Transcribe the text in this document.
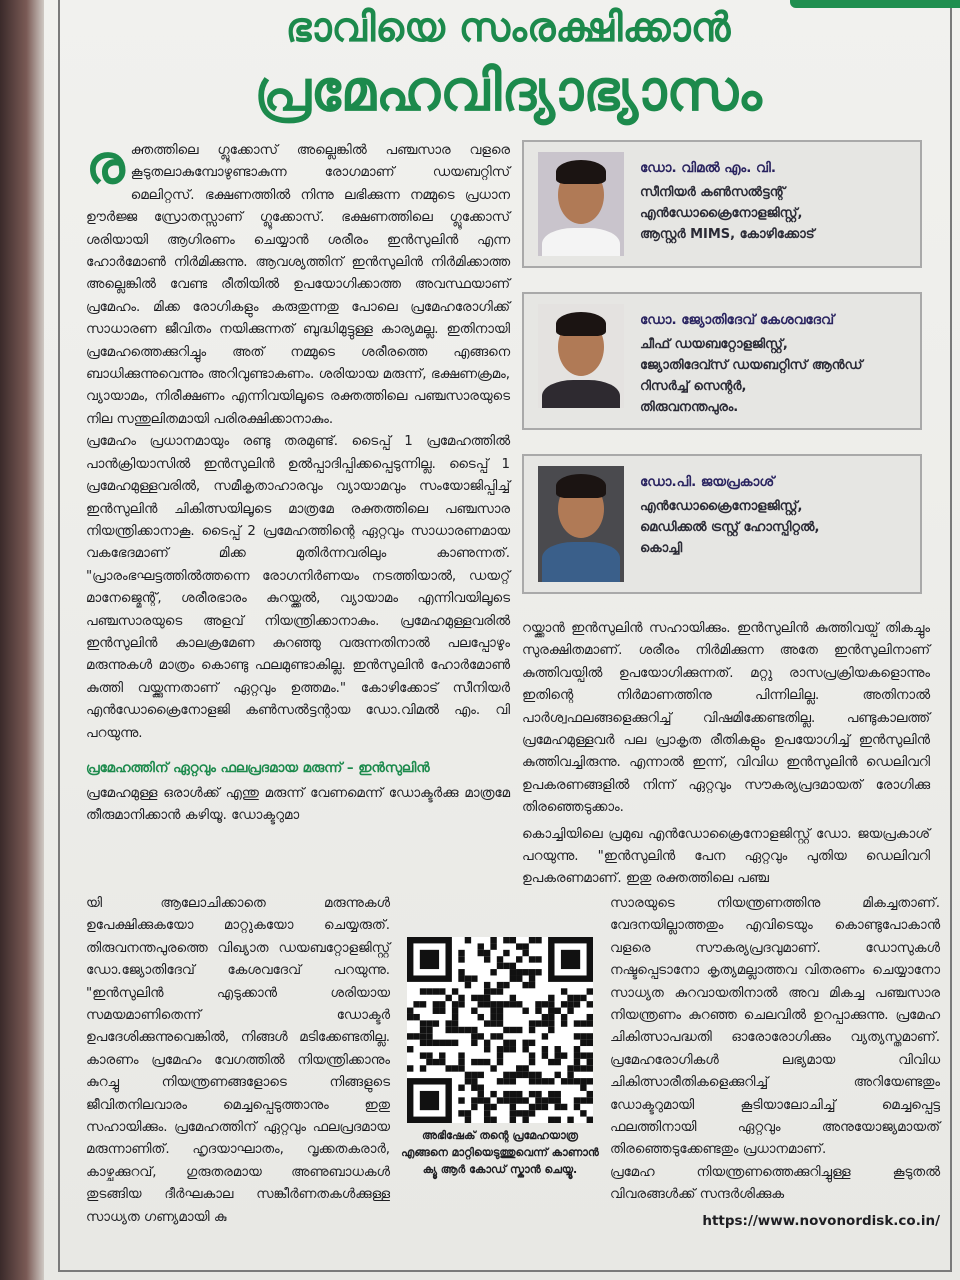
ഭാവിയെ സംരക്ഷിക്കാൻ
പ്രമേഹവിദ്യാഭ്യാസം

രക്തത്തിലെ ഗ്ലൂക്കോസ് അല്ലെങ്കിൽ പഞ്ചസാര വളരെ കൂടുതലാകുമ്പോഴുണ്ടാകുന്ന രോഗമാണ് ഡയബറ്റിസ് മെലിറ്റസ്. ഭക്ഷണത്തിൽ നിന്നു ലഭിക്കുന്ന നമ്മുടെ പ്രധാന ഊർജ്ജ സ്രോതസ്സാണ് ഗ്ലൂക്കോസ്. ഭക്ഷണത്തിലെ ഗ്ലൂക്കോസ് ശരിയായി ആഗിരണം ചെയ്യാൻ ശരീരം ഇൻസുലിൻ എന്ന ഹോർമോൺ നിർമിക്കുന്നു. ആവശ്യത്തിന് ഇൻസുലിൻ നിർമിക്കാത്ത അല്ലെങ്കിൽ വേണ്ട രീതിയിൽ ഉപയോഗിക്കാത്ത അവസ്ഥയാണ് പ്രമേഹം. മിക്ക രോഗികളും കരുതുന്നതു പോലെ പ്രമേഹരോഗിക്ക് സാധാരണ ജീവിതം നയിക്കുന്നത് ബുദ്ധിമുട്ടുള്ള കാര്യമല്ല. ഇതിനായി പ്രമേഹത്തെക്കുറിച്ചും അത് നമ്മുടെ ശരീരത്തെ എങ്ങനെ ബാധിക്കുന്നുവെന്നും അറിവുണ്ടാകണം. ശരിയായ മരുന്ന്, ഭക്ഷണക്രമം, വ്യായാമം, നിരീക്ഷണം എന്നിവയിലൂടെ രക്തത്തിലെ പഞ്ചസാരയുടെ നില സന്തുലിതമായി പരിരക്ഷിക്കാനാകും.

പ്രമേഹം പ്രധാനമായും രണ്ടു തരമുണ്ട്. ടൈപ്പ് 1 പ്രമേഹത്തിൽ പാൻക്രിയാസിൽ ഇൻസുലിൻ ഉൽപ്പാദിപ്പിക്കപ്പെടുന്നില്ല. ടൈപ്പ് 1 പ്രമേഹമുള്ളവരിൽ, സമീകൃതാഹാരവും വ്യായാമവും സംയോജിപ്പിച്ച് ഇൻസുലിൻ ചികിത്സയിലൂടെ മാത്രമേ രക്തത്തിലെ പഞ്ചസാര നിയന്ത്രിക്കാനാകൂ. ടൈപ്പ് 2 പ്രമേഹത്തിന്റെ ഏറ്റവും സാധാരണമായ വകഭേദമാണ് മിക്ക മുതിർന്നവരിലും കാണുന്നത്. "പ്രാരംഭഘട്ടത്തിൽത്തന്നെ രോഗനിർണയം നടത്തിയാൽ, ഡയറ്റ് മാനേജ്മെന്റ്, ശരീരഭാരം കുറയ്ക്കൽ, വ്യായാമം എന്നിവയിലൂടെ പഞ്ചസാരയുടെ അളവ് നിയന്ത്രിക്കാനാകും. പ്രമേഹമുള്ളവരിൽ ഇൻസുലിൻ കാലക്രമേണ കുറഞ്ഞു വരുന്നതിനാൽ പലപ്പോഴും മരുന്നുകൾ മാത്രം കൊണ്ടു ഫലമുണ്ടാകില്ല. ഇൻസുലിൻ ഹോർമോൺ കുത്തി വയ്ക്കുന്നതാണ് ഏറ്റവും ഉത്തമം." കോഴിക്കോട് സീനിയർ എൻഡോക്രൈനോളജി കൺസൽട്ടന്റായ ഡോ.വിമൽ എം. വി പറയുന്നു.

പ്രമേഹത്തിന് ഏറ്റവും ഫലപ്രദമായ മരുന്ന് – ഇൻസുലിൻ
പ്രമേഹമുള്ള ഒരാൾക്ക് എന്തു മരുന്ന് വേണമെന്ന് ഡോക്ടർക്കു മാത്രമേ തീരുമാനിക്കാൻ കഴിയൂ. ഡോക്ടറുമാ
ഡോ. വിമൽ എം. വി.
സീനിയർ കൺസൽട്ടന്റ്
എൻഡോക്രൈനോളജിസ്റ്റ്,
ആസ്റ്റർ MIMS, കോഴിക്കോട്
ഡോ. ജ്യോതിദേവ് കേശവദേവ്
ചീഫ് ഡയബറ്റോളജിസ്റ്റ്,
ജ്യോതിദേവ്സ് ഡയബറ്റിസ് ആൻഡ്
റിസർച്ച് സെന്റർ,
തിരുവനന്തപുരം.
ഡോ.പി. ജയപ്രകാശ്
എൻഡോക്രൈനോളജിസ്റ്റ്,
മെഡിക്കൽ ട്രസ്റ്റ് ഹോസ്പിറ്റൽ,
കൊച്ചി
റയ്ക്കാൻ ഇൻസുലിൻ സഹായിക്കും. ഇൻസുലിൻ കുത്തിവയ്പ് തികച്ചും സുരക്ഷിതമാണ്. ശരീരം നിർമിക്കുന്ന അതേ ഇൻസുലിനാണ് കുത്തിവയ്പിൽ ഉപയോഗിക്കുന്നത്. മറ്റു രാസപ്രക്രിയകളൊന്നും ഇതിന്റെ നിർമാണത്തിനു പിന്നിലില്ല. അതിനാൽ പാർശ്വഫലങ്ങളെക്കുറിച്ച് വിഷമിക്കേണ്ടതില്ല. പണ്ടുകാലത്ത് പ്രമേഹമുള്ളവർ പല പ്രാകൃത രീതികളും ഉപയോഗിച്ച് ഇൻസുലിൻ കുത്തിവച്ചിരുന്നു. എന്നാൽ ഇന്ന്, വിവിധ ഇൻസുലിൻ ഡെലിവറി ഉപകരണങ്ങളിൽ നിന്ന് ഏറ്റവും സൗകര്യപ്രദമായത് രോഗിക്കു തിരഞ്ഞെടുക്കാം.
കൊച്ചിയിലെ പ്രമുഖ എൻഡോക്രൈനോളജിസ്റ്റ് ഡോ. ജയപ്രകാശ് പറയുന്നു. "ഇൻസുലിൻ പേന ഏറ്റവും പുതിയ ഡെലിവറി ഉപകരണമാണ്. ഇതു രക്തത്തിലെ പഞ്ച
യി ആലോചിക്കാതെ മരുന്നുകൾ ഉപേക്ഷിക്കുകയോ മാറ്റുകയോ ചെയ്യരുത്. തിരുവനന്തപുരത്തെ വിഖ്യാത ഡയബറ്റോളജിസ്റ്റ് ഡോ.ജ്യോതിദേവ് കേശവദേവ് പറയുന്നു. "ഇൻസുലിൻ എടുക്കാൻ ശരിയായ സമയമാണിതെന്ന് ഡോക്ടർ ഉപദേശിക്കുന്നുവെങ്കിൽ, നിങ്ങൾ മടിക്കേണ്ടതില്ല. കാരണം പ്രമേഹം വേഗത്തിൽ നിയന്ത്രിക്കാനും കുറച്ചു നിയന്ത്രണങ്ങളോടെ നിങ്ങളുടെ ജീവിതനിലവാരം മെച്ചപ്പെടുത്താനും ഇതു സഹായിക്കും. പ്രമേഹത്തിന് ഏറ്റവും ഫലപ്രദമായ മരുന്നാണിത്. ഹൃദയാഘാതം, വൃക്കതകരാർ, കാഴ്ചക്കുറവ്, ഗുരുതരമായ അണുബാധകൾ തുടങ്ങിയ ദീർഘകാല സങ്കീർണതകൾക്കുള്ള സാധ്യത ഗണ്യമായി കു
അഭിഷേക് തന്റെ പ്രമേഹയാത്ര എങ്ങനെ മാറ്റിയെടുത്തുവെന്ന് കാണാൻ ക്യൂ ആർ കോഡ് സ്കാൻ ചെയ്യൂ.

സാരയുടെ നിയന്ത്രണത്തിനു മികച്ചതാണ്. വേദനയില്ലാത്തതും എവിടെയും കൊണ്ടുപോകാൻ വളരെ സൗകര്യപ്രദവുമാണ്. ഡോസുകൾ നഷ്ടപ്പെടാനോ കൃത്യമല്ലാത്തവ വിതരണം ചെയ്യാനോ സാധ്യത കുറവായതിനാൽ അവ മികച്ച പഞ്ചസാര നിയന്ത്രണം കുറഞ്ഞ ചെലവിൽ ഉറപ്പാക്കുന്നു. പ്രമേഹ ചികിത്സാപദ്ധതി ഓരോരോഗിക്കും വ്യത്യസ്തമാണ്. പ്രമേഹരോഗികൾ ലഭ്യമായ വിവിധ ചികിത്സാരീതികളെക്കുറിച്ച് അറിയേണ്ടതും ഡോക്ടറുമായി കൂടിയാലോചിച്ച് മെച്ചപ്പെട്ട ഫലത്തിനായി ഏറ്റവും അനുയോജ്യമായത് തിരഞ്ഞെടുക്കേണ്ടതും പ്രധാനമാണ്.

പ്രമേഹ നിയന്ത്രണത്തെക്കുറിച്ചുള്ള കൂടുതൽ വിവരങ്ങൾക്ക് സന്ദർശിക്കുക

https://www.novonordisk.co.in/
